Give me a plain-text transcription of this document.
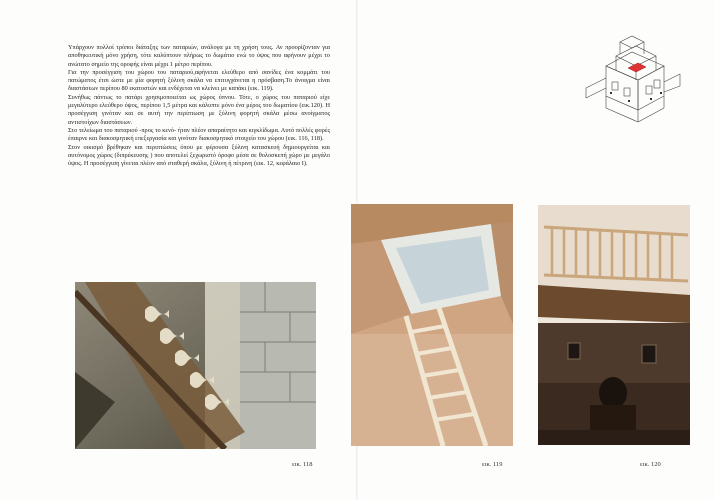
Υπάρχουν πολλοί τρόποι διάταξης των παταριών, ανάλογα με τη χρήση τους. Αν προορίζονταν για αποθηκευτική μόνο χρήση, τότε καλύπτουν πλήρως το δωμάτιο ενώ το ύψος που αφήνουν μέχρι το ανώτατο σημείο της οροφής είναι μέχρι 1 μέτρο περίπου.

Για την προσέγγιση του χώρου του παταριού,αφήνεται ελεύθερο από σανίδες ένα κομμάτι του πατώματος έτσι ώστε με μία φορητή ξύλινη σκάλα να επιτυγχάνεται η πρόσβαση.Το άνοιγμα είναι διαστάσεων περίπου 80 εκατοστών και ενδέχεται να κλείνει με καπάκι (εικ. 119).

Συνήθως πάντως το πατάρι χρησιμοποιείται ως χώρος ύπνου. Τότε, ο χώρος του παταριού είχε μεγαλύτερο ελεύθερο ύψος, περίπου 1,5 μέτρα και κάλυπτε μόνο ένα μέρος του δωματίου (εικ.120). Η προσέγγιση γινόταν και σε αυτή την περίπτωση με ξύλινη φορητή σκάλα μέσω ανοίγματος αντιστοίχων διαστάσεων.

Στο τελείωμα του παταριού -προς το κενό- ήταν πλέον απαραίτητο και κιγκλίδωμα. Αυτό πολλές φορές έπαιρνε και διακοσμητική επεξεργασία και γινόταν διακοσμητικό στοιχείο του χώρου (εικ. 116, 118).

Στον οικισμό βρέθηκαν και περιπτώσεις όπου με φέρουσα ξύλινη κατασκευή δημιουργείται και αυτόνομος χώρος (διπρέκευσης ) που αποτελεί ξεχωριστό όροφο μέσα σε θολοσκεπή χώρο με μεγάλο ύψος. Η προσέγγιση γίνεται πλέον από σταθερή σκάλα, ξύλινη ή πέτρινη (εικ. 12, κεφάλαιο Ι).

εικ. 118	εικ. 119	εικ. 120
